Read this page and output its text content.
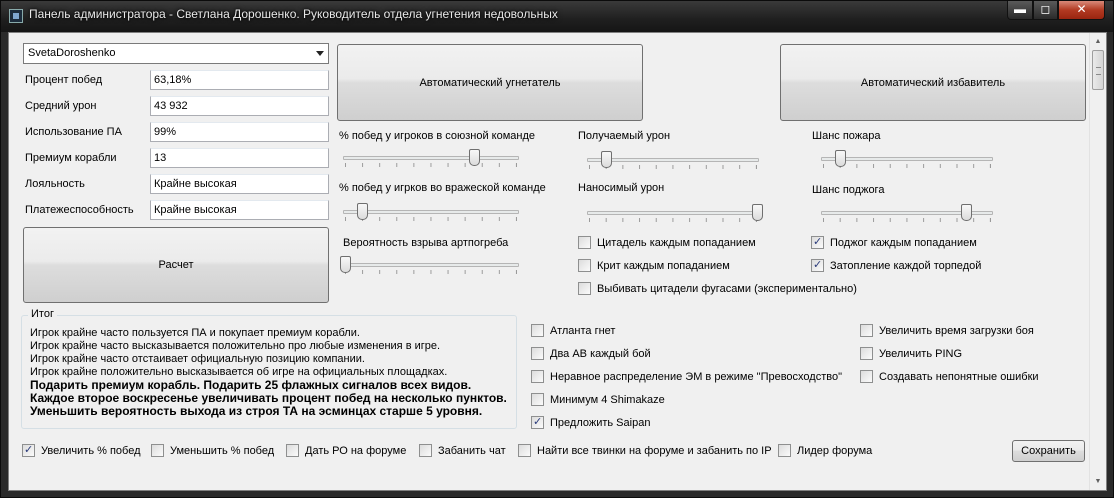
Панель администратора - Светлана Дорошенко. Руководитель отдела угнетения недовольных	▬	◻	✕
SvetaDoroshenko
Процент побед	63,18%
Средний урон	43 932
Использование ПА	99%
Премиум корабли	13
Лояльность	Крайне высокая
Платежеспособность	Крайне высокая
Расчет
Автоматический угнетатель	Автоматический избавитель
% побед у игроков в союзной команде
% побед у игрков во вражеской команде
Вероятность взрыва артпогреба
Получаемый урон
Наносимый урон
Шанс пожара
Шанс поджога
Цитадель каждым попаданием
Крит каждым попаданием
Выбивать цитадели фугасами (экспериментально)
✓
Поджог каждым попаданием
✓
Затопление каждой торпедой
Итог
Игрок крайне часто пользуется ПА и покупает премиум корабли.
Игрок крайне часто высказывается положительно про любые изменения в игре.
Игрок крайне часто отстаивает официальную позицию компании.
Игрок крайне положительно высказывается об игре на официальных площадках.
Подарить премиум корабль. Подарить 25 флажных сигналов всех видов.
Каждое второе воскресенье увеличивать процент побед на несколько пунктов.
Уменьшить вероятность выхода из строя ТА на эсминцах старше 5 уровня.
Атланта гнет
Два АВ каждый бой
Неравное распределение ЭМ в режиме "Превосходство"
Минимум 4 Shimakaze
✓
Предложить Saipan
Увеличить время загрузки боя
Увеличить PING
Создавать непонятные ошибки
✓
Увеличить % побед	Уменьшить % побед	Дать РО на форуме	Забанить чат	Найти все твинки на форуме и забанить по IP Лидер форума	Сохранить
▲
▼
